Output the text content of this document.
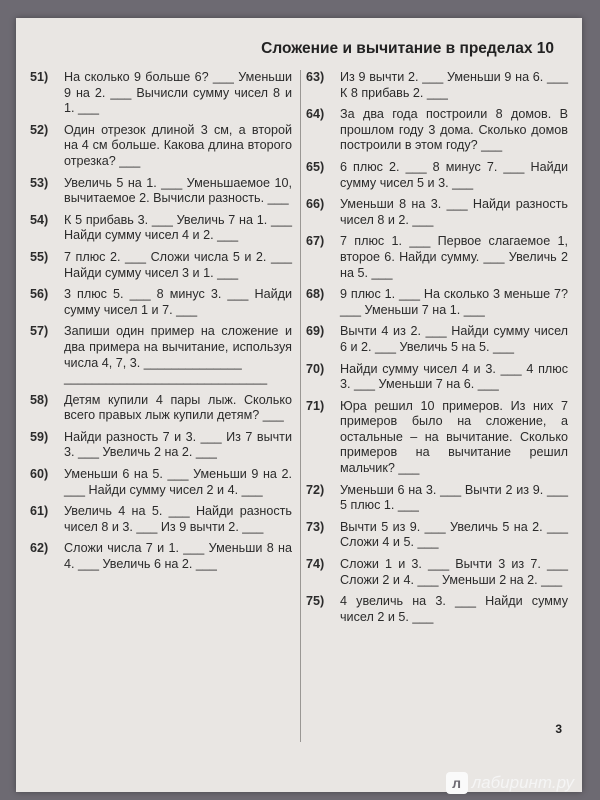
Сложение и вычитание в пределах 10
51)	На сколько 9 больше 6? ___ Уменьши 9 на 2. ___ Вычисли сумму чисел 8 и 1. ___
52)	Один отрезок длиной 3 см, а второй на 4 см больше. Какова длина второго отрезка? ___
53)	Увеличь 5 на 1. ___ Уменьшаемое 10, вычитаемое 2. Вычисли разность. ___
54)	К 5 прибавь 3. ___ Увеличь 7 на 1. ___ Найди сумму чисел 4 и 2. ___
55)	7 плюс 2. ___ Сложи числа 5 и 2. ___ Найди сумму чисел 3 и 1. ___
56)	3 плюс 5. ___ 8 минус 3. ___ Найди сумму чисел 1 и 7. ___
57)	Запиши один пример на сложение и два примера на вычитание, используя числа 4, 7, 3. ______________
_____________________________
58)	Детям купили 4 пары лыж. Сколько всего правых лыж купили детям? ___
59)	Найди разность 7 и 3. ___ Из 7 вычти 3. ___ Увеличь 2 на 2. ___
60)	Уменьши 6 на 5. ___ Уменьши 9 на 2. ___ Найди сумму чисел 2 и 4. ___
61)	Увеличь 4 на 5. ___ Найди разность чисел 8 и 3. ___ Из 9 вычти 2. ___
62)	Сложи числа 7 и 1. ___ Уменьши 8 на 4. ___ Увеличь 6 на 2. ___
63)	Из 9 вычти 2. ___ Уменьши 9 на 6. ___ К 8 прибавь 2. ___
64)	За два года построили 8 домов. В прошлом году 3 дома. Сколько домов построили в этом году? ___
65)	6 плюс 2. ___ 8 минус 7. ___ Найди сумму чисел 5 и 3. ___
66)	Уменьши 8 на 3. ___ Найди разность чисел 8 и 2. ___
67)	7 плюс 1. ___ Первое слагаемое 1, второе 6. Найди сумму. ___ Увеличь 2 на 5. ___
68)	9 плюс 1. ___ На сколько 3 меньше 7? ___ Уменьши 7 на 1. ___
69)	Вычти 4 из 2. ___ Найди сумму чисел 6 и 2. ___ Увеличь 5 на 5. ___
70)	Найди сумму чисел 4 и 3. ___ 4 плюс 3. ___ Уменьши 7 на 6. ___
71)	Юра решил 10 примеров. Из них 7 примеров было на сложение, а остальные – на вычитание. Сколько примеров на вычитание решил мальчик? ___
72)	Уменьши 6 на 3. ___ Вычти 2 из 9. ___ 5 плюс 1. ___
73)	Вычти 5 из 9. ___ Увеличь 5 на 2. ___ Сложи 4 и 5. ___
74)	Сложи 1 и 3. ___ Вычти 3 из 7. ___ Сложи 2 и 4. ___ Уменьши 2 на 2. ___
75)	4 увеличь на 3. ___ Найди сумму чисел 2 и 5. ___
3
л лабиринт.ру
